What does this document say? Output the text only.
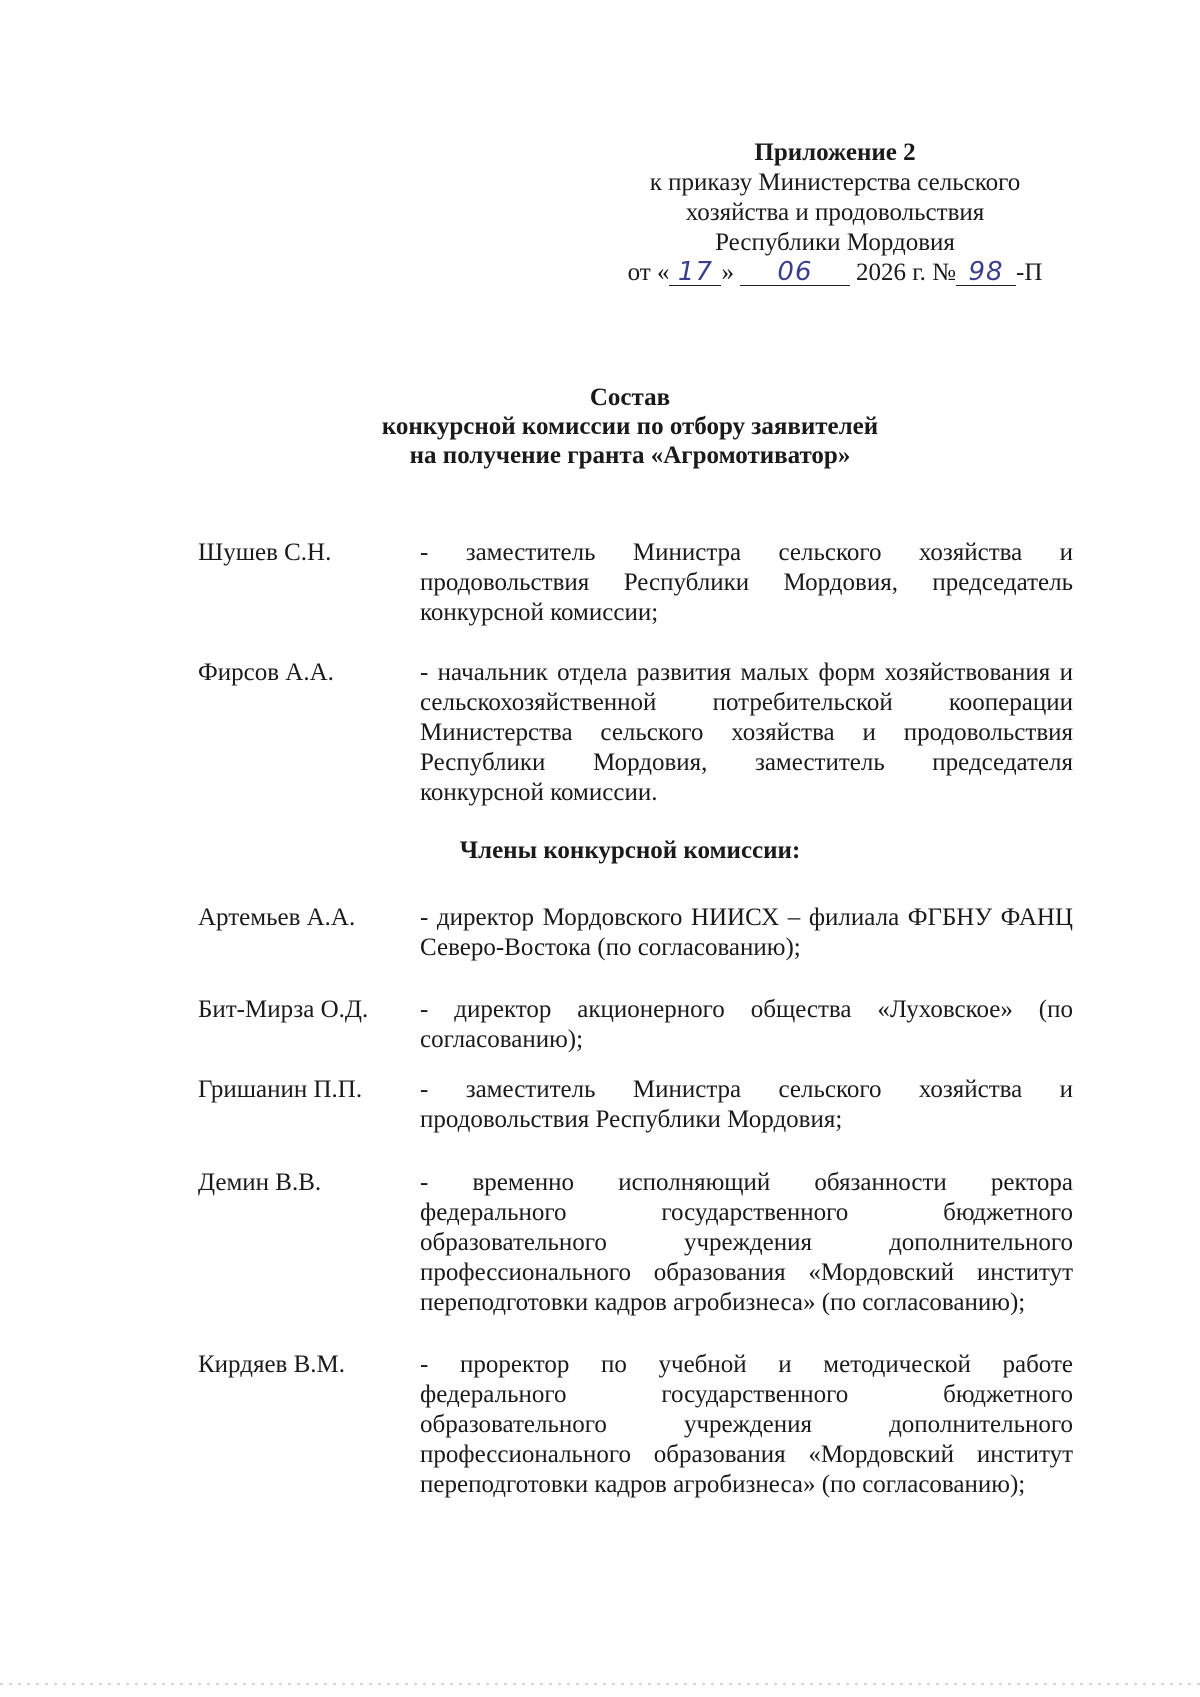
Приложение 2
к приказу Министерства сельского
хозяйства и продовольствия
Республики Мордовия
от « 17 »	06	2026 г. № 98 -П
Состав
конкурсной комиссии по отбору заявителей
на получение гранта «Агромотиватор»
Шушев С.Н.	- заместитель Министра сельского хозяйства и продовольствия Республики Мордовия, председатель конкурсной комиссии;
Фирсов А.А.	- начальник отдела развития малых форм хозяйствования и сельскохозяйственной потребительской кооперации Министерства сельского хозяйства и продовольствия Республики Мордовия, заместитель председателя конкурсной комиссии.
Члены конкурсной комиссии:
Артемьев А.А.	- директор Мордовского НИИСХ – филиала ФГБНУ ФАНЦ Северо-Востока (по согласованию);
Бит-Мирза О.Д.	- директор акционерного общества «Луховское» (по согласованию);
Гришанин П.П.	- заместитель Министра сельского хозяйства и продовольствия Республики Мордовия;
Демин В.В.	- временно исполняющий обязанности ректора федерального государственного бюджетного образовательного учреждения дополнительного профессионального образования «Мордовский институт переподготовки кадров агробизнеса» (по согласованию);
Кирдяев В.М.	- проректор по учебной и методической работе федерального государственного бюджетного образовательного учреждения дополнительного профессионального образования «Мордовский институт переподготовки кадров агробизнеса» (по согласованию);
